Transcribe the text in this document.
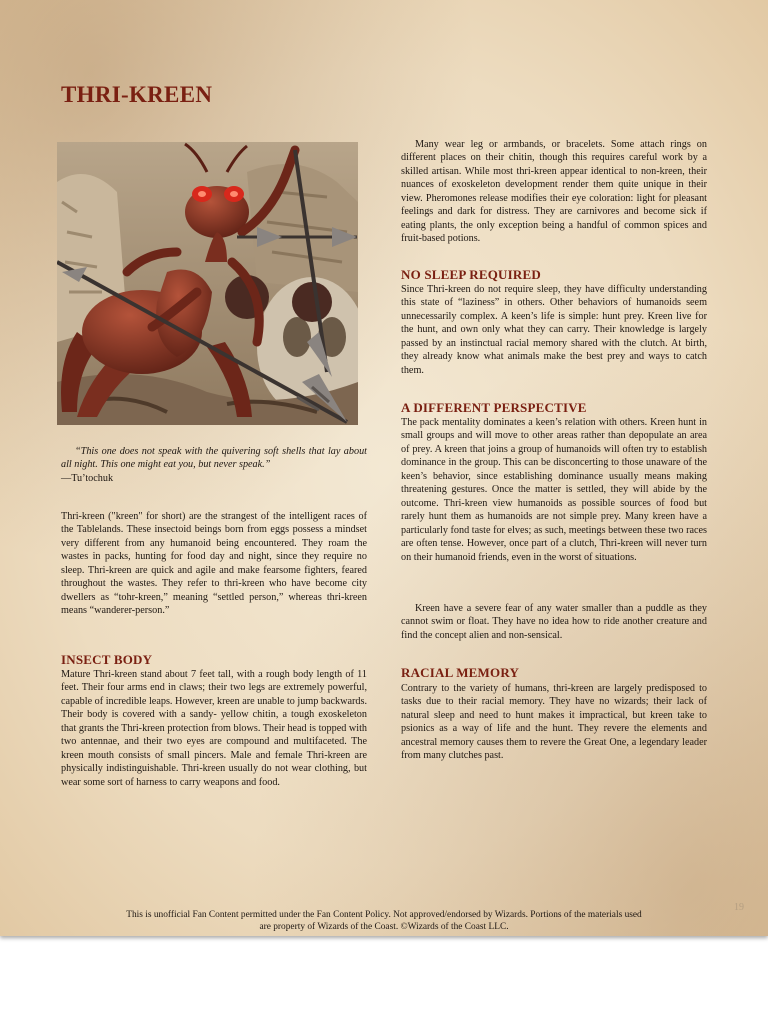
THRI-KREEN

“This one does not speak with the quivering soft shells that lay about all night. This one might eat you, but never speak.”

—Tu’tochuk

Thri-kreen ("kreen" for short) are the strangest of the intelligent races of the Tablelands. These insectoid beings born from eggs possess a mindset very different from any humanoid being encountered. They roam the wastes in packs, hunting for food day and night, since they require no sleep. Thri-kreen are quick and agile and make fearsome fighters, feared throughout the wastes. They refer to thri-kreen who have become city dwellers as “tohr-kreen,” meaning “settled person,” whereas thri-kreen means “wanderer-person.”
INSECT BODY
Mature Thri-kreen stand about 7 feet tall, with a rough body length of 11 feet. Their four arms end in claws; their two legs are extremely powerful, capable of incredible leaps. However, kreen are unable to jump backwards. Their body is covered with a sandy- yellow chitin, a tough exoskeleton that grants the Thri-kreen protection from blows. Their head is topped with two antennae, and their two eyes are compound and multifaceted. The kreen mouth consists of small pincers. Male and female Thri-kreen are physically indistinguishable. Thri-kreen usually do not wear clothing, but wear some sort of harness to carry weapons and food.
Many wear leg or armbands, or bracelets. Some attach rings on different places on their chitin, though this requires careful work by a skilled artisan. While most thri-kreen appear identical to non-kreen, their nuances of exoskeleton development render them quite unique in their view. Pheromones release modifies their eye coloration: light for pleasant feelings and dark for distress. They are carnivores and become sick if eating plants, the only exception being a handful of common spices and fruit-based potions.
NO SLEEP REQUIRED
Since Thri-kreen do not require sleep, they have difficulty understanding this state of “laziness” in others. Other behaviors of humanoids seem unnecessarily complex. A keen’s life is simple: hunt prey. Kreen live for the hunt, and own only what they can carry. Their knowledge is largely passed by an instinctual racial memory shared with the clutch. At birth, they already know what animals make the best prey and ways to catch them.
A DIFFERENT PERSPECTIVE
The pack mentality dominates a keen’s relation with others. Kreen hunt in small groups and will move to other areas rather than depopulate an area of prey. A kreen that joins a group of humanoids will often try to establish dominance in the group. This can be disconcerting to those unaware of the keen’s behavior, since establishing dominance usually means making threatening gestures. Once the matter is settled, they will abide by the outcome. Thri-kreen view humanoids as possible sources of food but rarely hunt them as humanoids are not simple prey. Many kreen have a particularly fond taste for elves; as such, meetings between these two races are often tense. However, once part of a clutch, Thri-kreen will never turn on their humanoid friends, even in the worst of situations.
Kreen have a severe fear of any water smaller than a puddle as they cannot swim or float. They have no idea how to ride another creature and find the concept alien and non-sensical.
RACIAL MEMORY
Contrary to the variety of humans, thri-kreen are largely predisposed to tasks due to their racial memory. They have no wizards; their lack of natural sleep and need to hunt makes it impractical, but kreen take to psionics as a way of life and the hunt. They revere the elements and ancestral memory causes them to revere the Great One, a legendary leader from many clutches past.
19
This is unofficial Fan Content permitted under the Fan Content Policy. Not approved/endorsed by Wizards. Portions of the materials used
are property of Wizards of the Coast. ©Wizards of the Coast LLC.
